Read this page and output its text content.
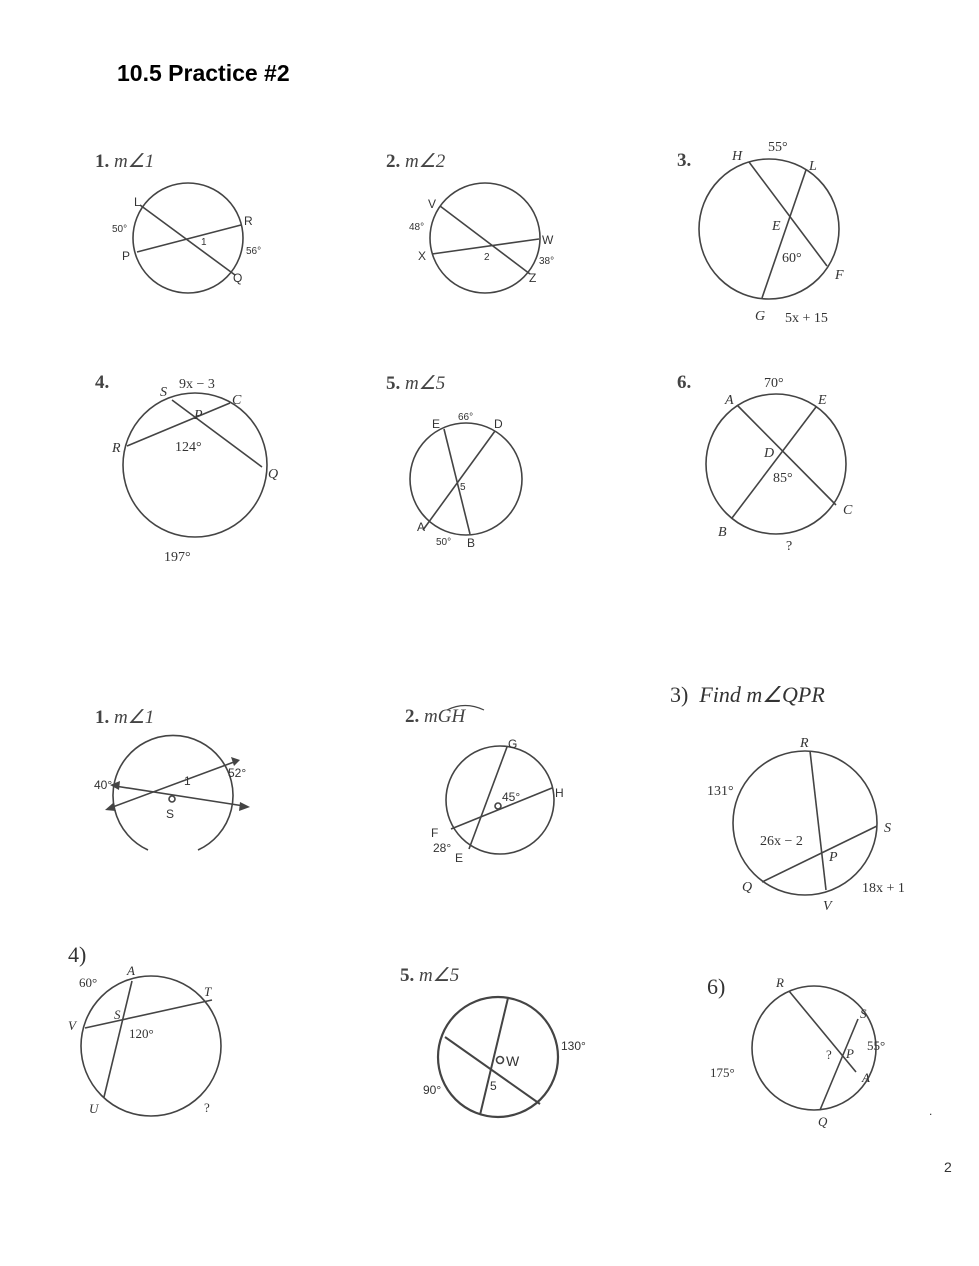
10.5 Practice #2
1. m∠1	2. m∠2	3.
4.	5. m∠5	6.
1. m∠1	2. mGH
3) Find m∠QPR
4)
5. m∠5	6)
L
R
P
Q
1
50°
56°
V
W
X
Z
2
48°
38°
H
L
E
F
G
55°
60°
5x + 15
S
C
P
R
Q
9x − 3
124°
197°
E	D
A
B
5
66°
50°
A	E
D
C
B
70°
85°
?
S
1
40°
52°
G
H
F
E
45°
28°
R
S
Q
V
P
131°
26x − 2
18x + 1
A
T
S
V
U
60°
120°
?
W
5
130°
90°
R
S
P
A
Q
175°
55°
?
.
2
